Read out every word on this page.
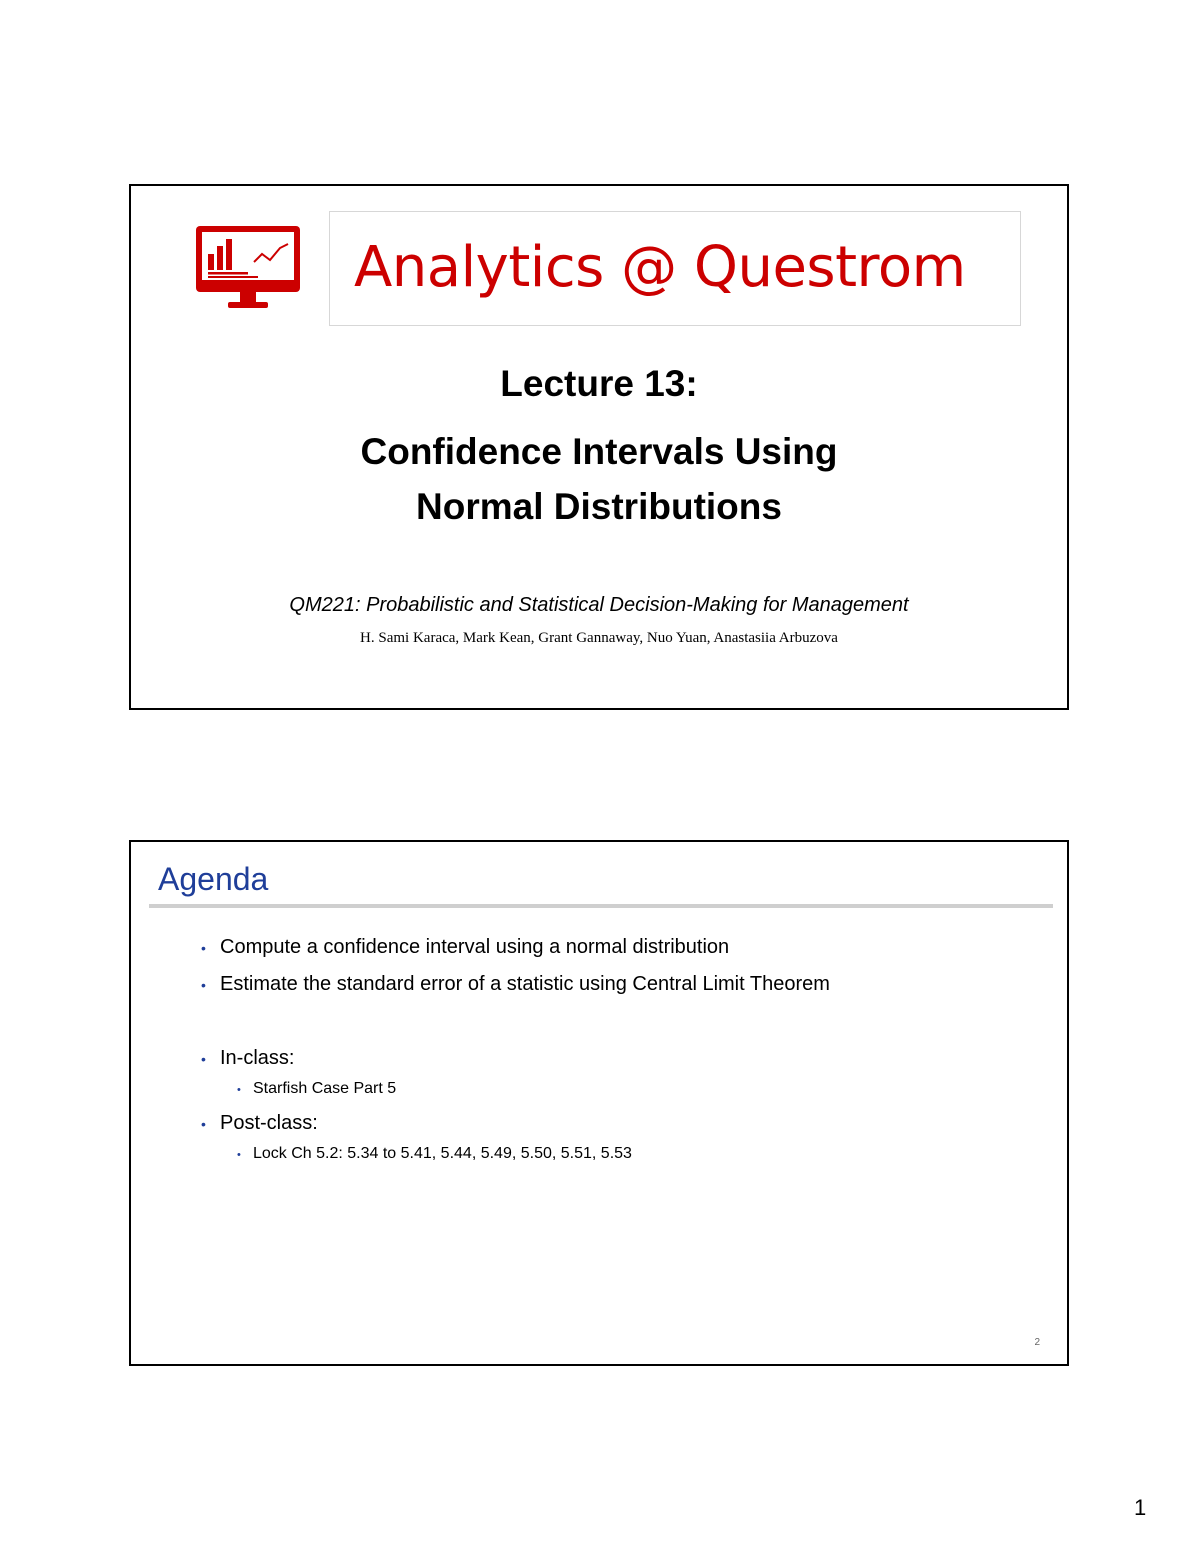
Analytics @ Questrom
Lecture 13:
Confidence Intervals Using
Normal Distributions
QM221: Probabilistic and Statistical Decision-Making for Management
H. Sami Karaca, Mark Kean, Grant Gannaway, Nuo Yuan, Anastasiia Arbuzova
Agenda
• Compute a confidence interval using a normal distribution
• Estimate the standard error of a statistic using Central Limit Theorem
• In-class:
• Starfish Case Part 5
• Post-class:
• Lock Ch 5.2: 5.34 to 5.41, 5.44, 5.49, 5.50, 5.51, 5.53
2
1
